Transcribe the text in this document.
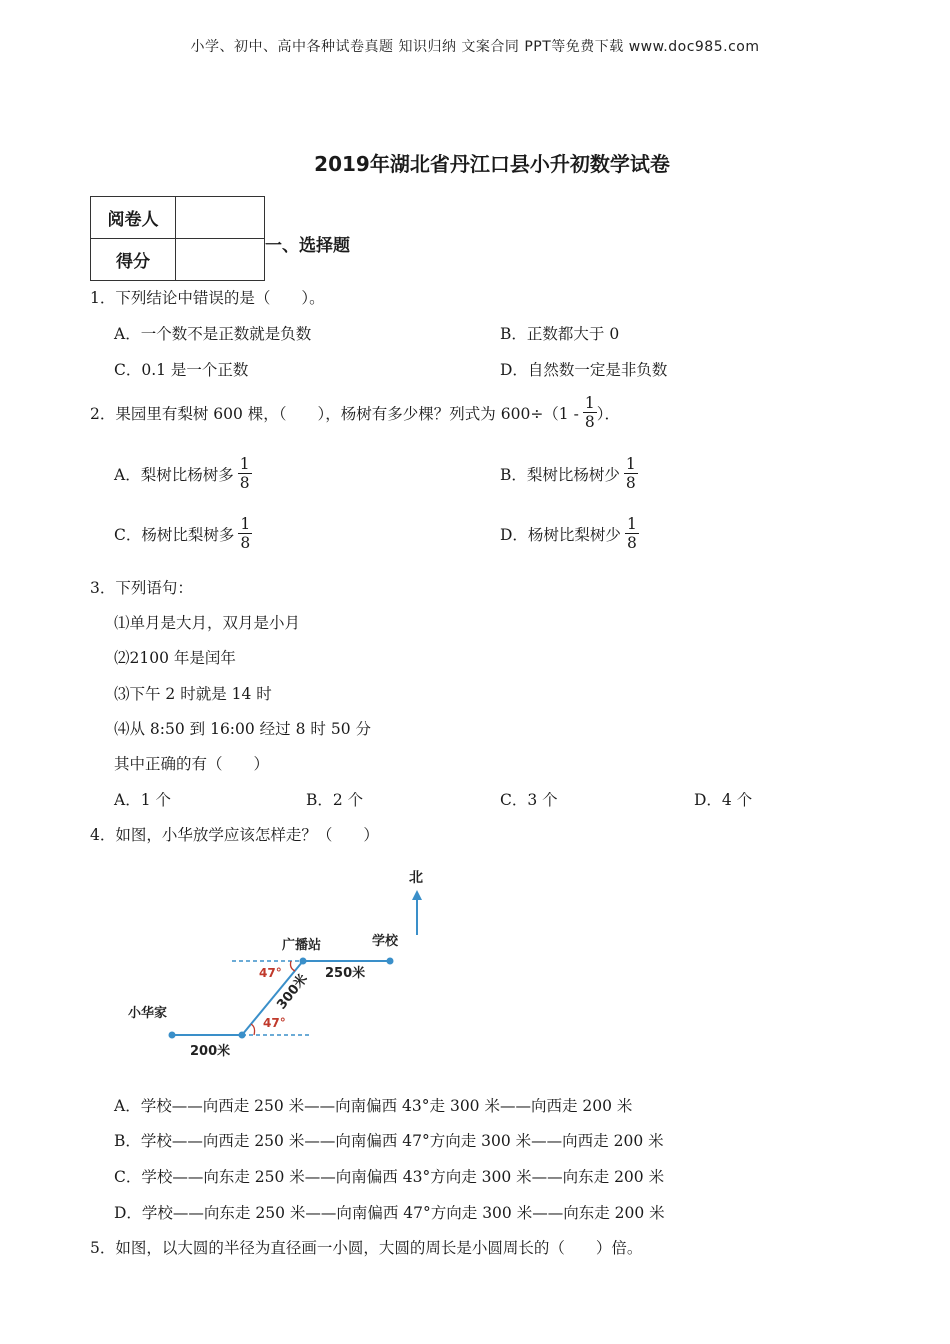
小学、初中、高中各种试卷真题 知识归纳 文案合同 PPT等免费下载 www.doc985.com
2019年湖北省丹江口县小升初数学试卷
阅卷人	
得分	
一、选择题
1．下列结论中错误的是（　　）。
A．一个数不是正数就是负数	B．正数都大于 0
C．0.1 是一个正数	D．自然数一定是非负数
2．果园里有梨树 600 棵，（　　），杨树有多少棵？列式为 $600\div(1 - \frac{1}{8}$ ）．
A．梨树比杨树多 $\frac{1}{8}$	B．梨树比杨树少 $\frac{1}{8}$
C．杨树比梨树多 $\frac{1}{8}$	D．杨树比梨树少 $\frac{1}{8}$
3．下列语句：
⑴单月是大月，双月是小月
⑵2100 年是闰年
⑶下午 2 时就是 14 时
⑷从 8:50 到 16:00 经过 8 时 50 分
其中正确的有（　　）
A．1 个	B．2 个	C．3 个	D．4 个
4．如图，小华放学应该怎样走？（　　）
北
广播站	学校
小华家
250米
300米
200米
47°
47°
A．学校——向西走 250 米——向南偏西 43°走 300 米——向西走 200 米
B．学校——向西走 250 米——向南偏西 47°方向走 300 米——向西走 200 米
C．学校——向东走 250 米——向南偏西 43°方向走 300 米——向东走 200 米
D．学校——向东走 250 米——向南偏西 47°方向走 300 米——向东走 200 米
5．如图，以大圆的半径为直径画一小圆，大圆的周长是小圆周长的（　　）倍。
